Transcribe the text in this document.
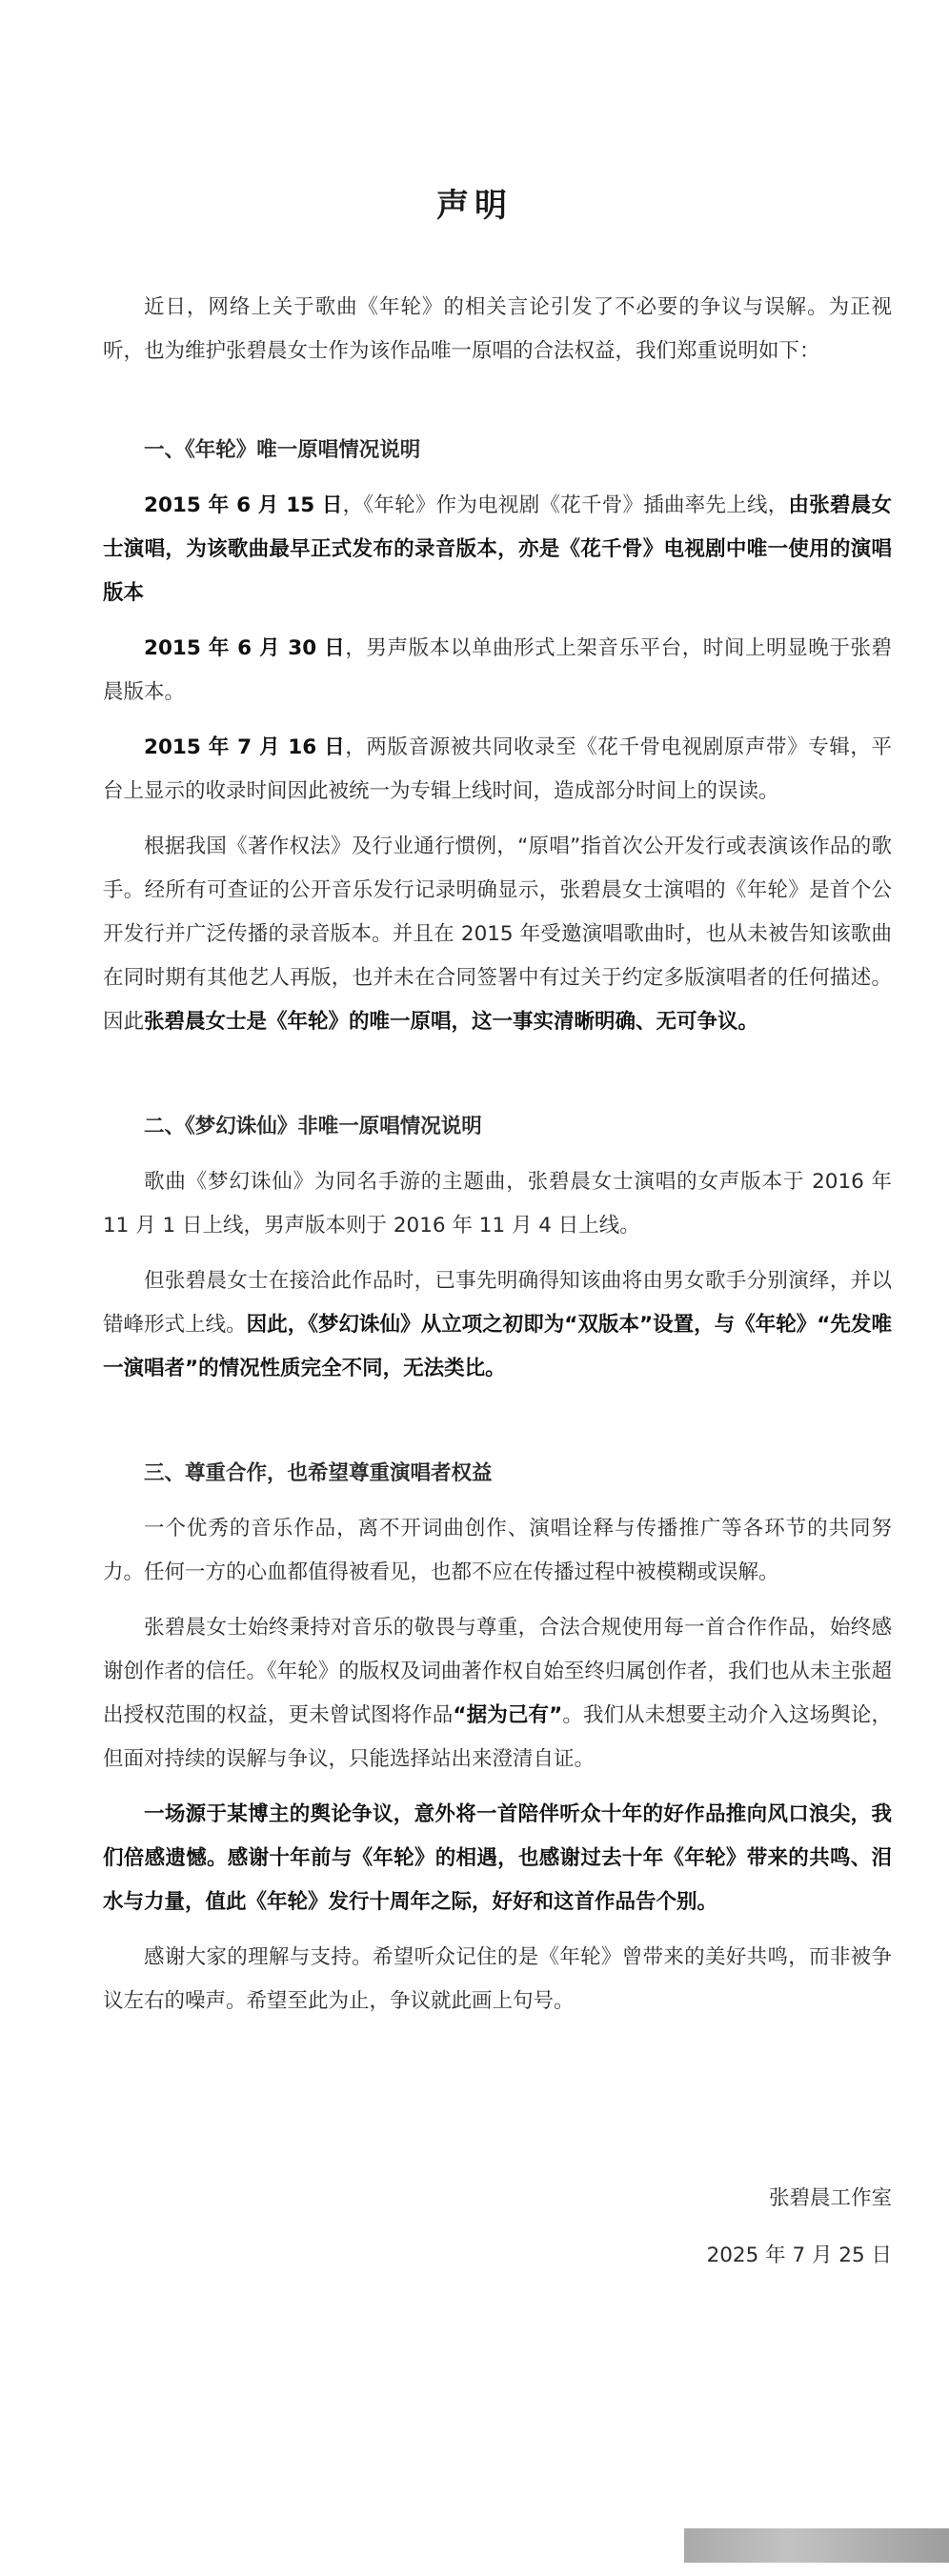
声明

近日，网络上关于歌曲《年轮》的相关言论引发了不必要的争议与误解。为正视听，也为维护张碧晨女士作为该作品唯一原唱的合法权益，我们郑重说明如下：

一、《年轮》唯一原唱情况说明

2015 年 6 月 15 日，《年轮》作为电视剧《花千骨》插曲率先上线，由张碧晨女士演唱，为该歌曲最早正式发布的录音版本，亦是《花千骨》电视剧中唯一使用的演唱版本

2015 年 6 月 30 日，男声版本以单曲形式上架音乐平台，时间上明显晚于张碧晨版本。

2015 年 7 月 16 日，两版音源被共同收录至《花千骨电视剧原声带》专辑，平台上显示的收录时间因此被统一为专辑上线时间，造成部分时间上的误读。

根据我国《著作权法》及行业通行惯例，“原唱”指首次公开发行或表演该作品的歌手。经所有可查证的公开音乐发行记录明确显示，张碧晨女士演唱的《年轮》是首个公开发行并广泛传播的录音版本。并且在 2015 年受邀演唱歌曲时，也从未被告知该歌曲在同时期有其他艺人再版，也并未在合同签署中有过关于约定多版演唱者的任何描述。因此张碧晨女士是《年轮》的唯一原唱，这一事实清晰明确、无可争议。

二、《梦幻诛仙》非唯一原唱情况说明

歌曲《梦幻诛仙》为同名手游的主题曲，张碧晨女士演唱的女声版本于 2016 年 11 月 1 日上线，男声版本则于 2016 年 11 月 4 日上线。

但张碧晨女士在接洽此作品时，已事先明确得知该曲将由男女歌手分别演绎，并以错峰形式上线。因此，《梦幻诛仙》从立项之初即为“双版本”设置，与《年轮》“先发唯一演唱者”的情况性质完全不同，无法类比。

三、尊重合作，也希望尊重演唱者权益

一个优秀的音乐作品，离不开词曲创作、演唱诠释与传播推广等各环节的共同努力。任何一方的心血都值得被看见，也都不应在传播过程中被模糊或误解。

张碧晨女士始终秉持对音乐的敬畏与尊重，合法合规使用每一首合作作品，始终感谢创作者的信任。《年轮》的版权及词曲著作权自始至终归属创作者，我们也从未主张超出授权范围的权益，更未曾试图将作品“据为己有”。我们从未想要主动介入这场舆论，但面对持续的误解与争议，只能选择站出来澄清自证。

一场源于某博主的舆论争议，意外将一首陪伴听众十年的好作品推向风口浪尖，我们倍感遗憾。感谢十年前与《年轮》的相遇，也感谢过去十年《年轮》带来的共鸣、泪水与力量，值此《年轮》发行十周年之际，好好和这首作品告个别。

感谢大家的理解与支持。希望听众记住的是《年轮》曾带来的美好共鸣，而非被争议左右的噪声。希望至此为止，争议就此画上句号。

张碧晨工作室
2025 年 7 月 25 日
